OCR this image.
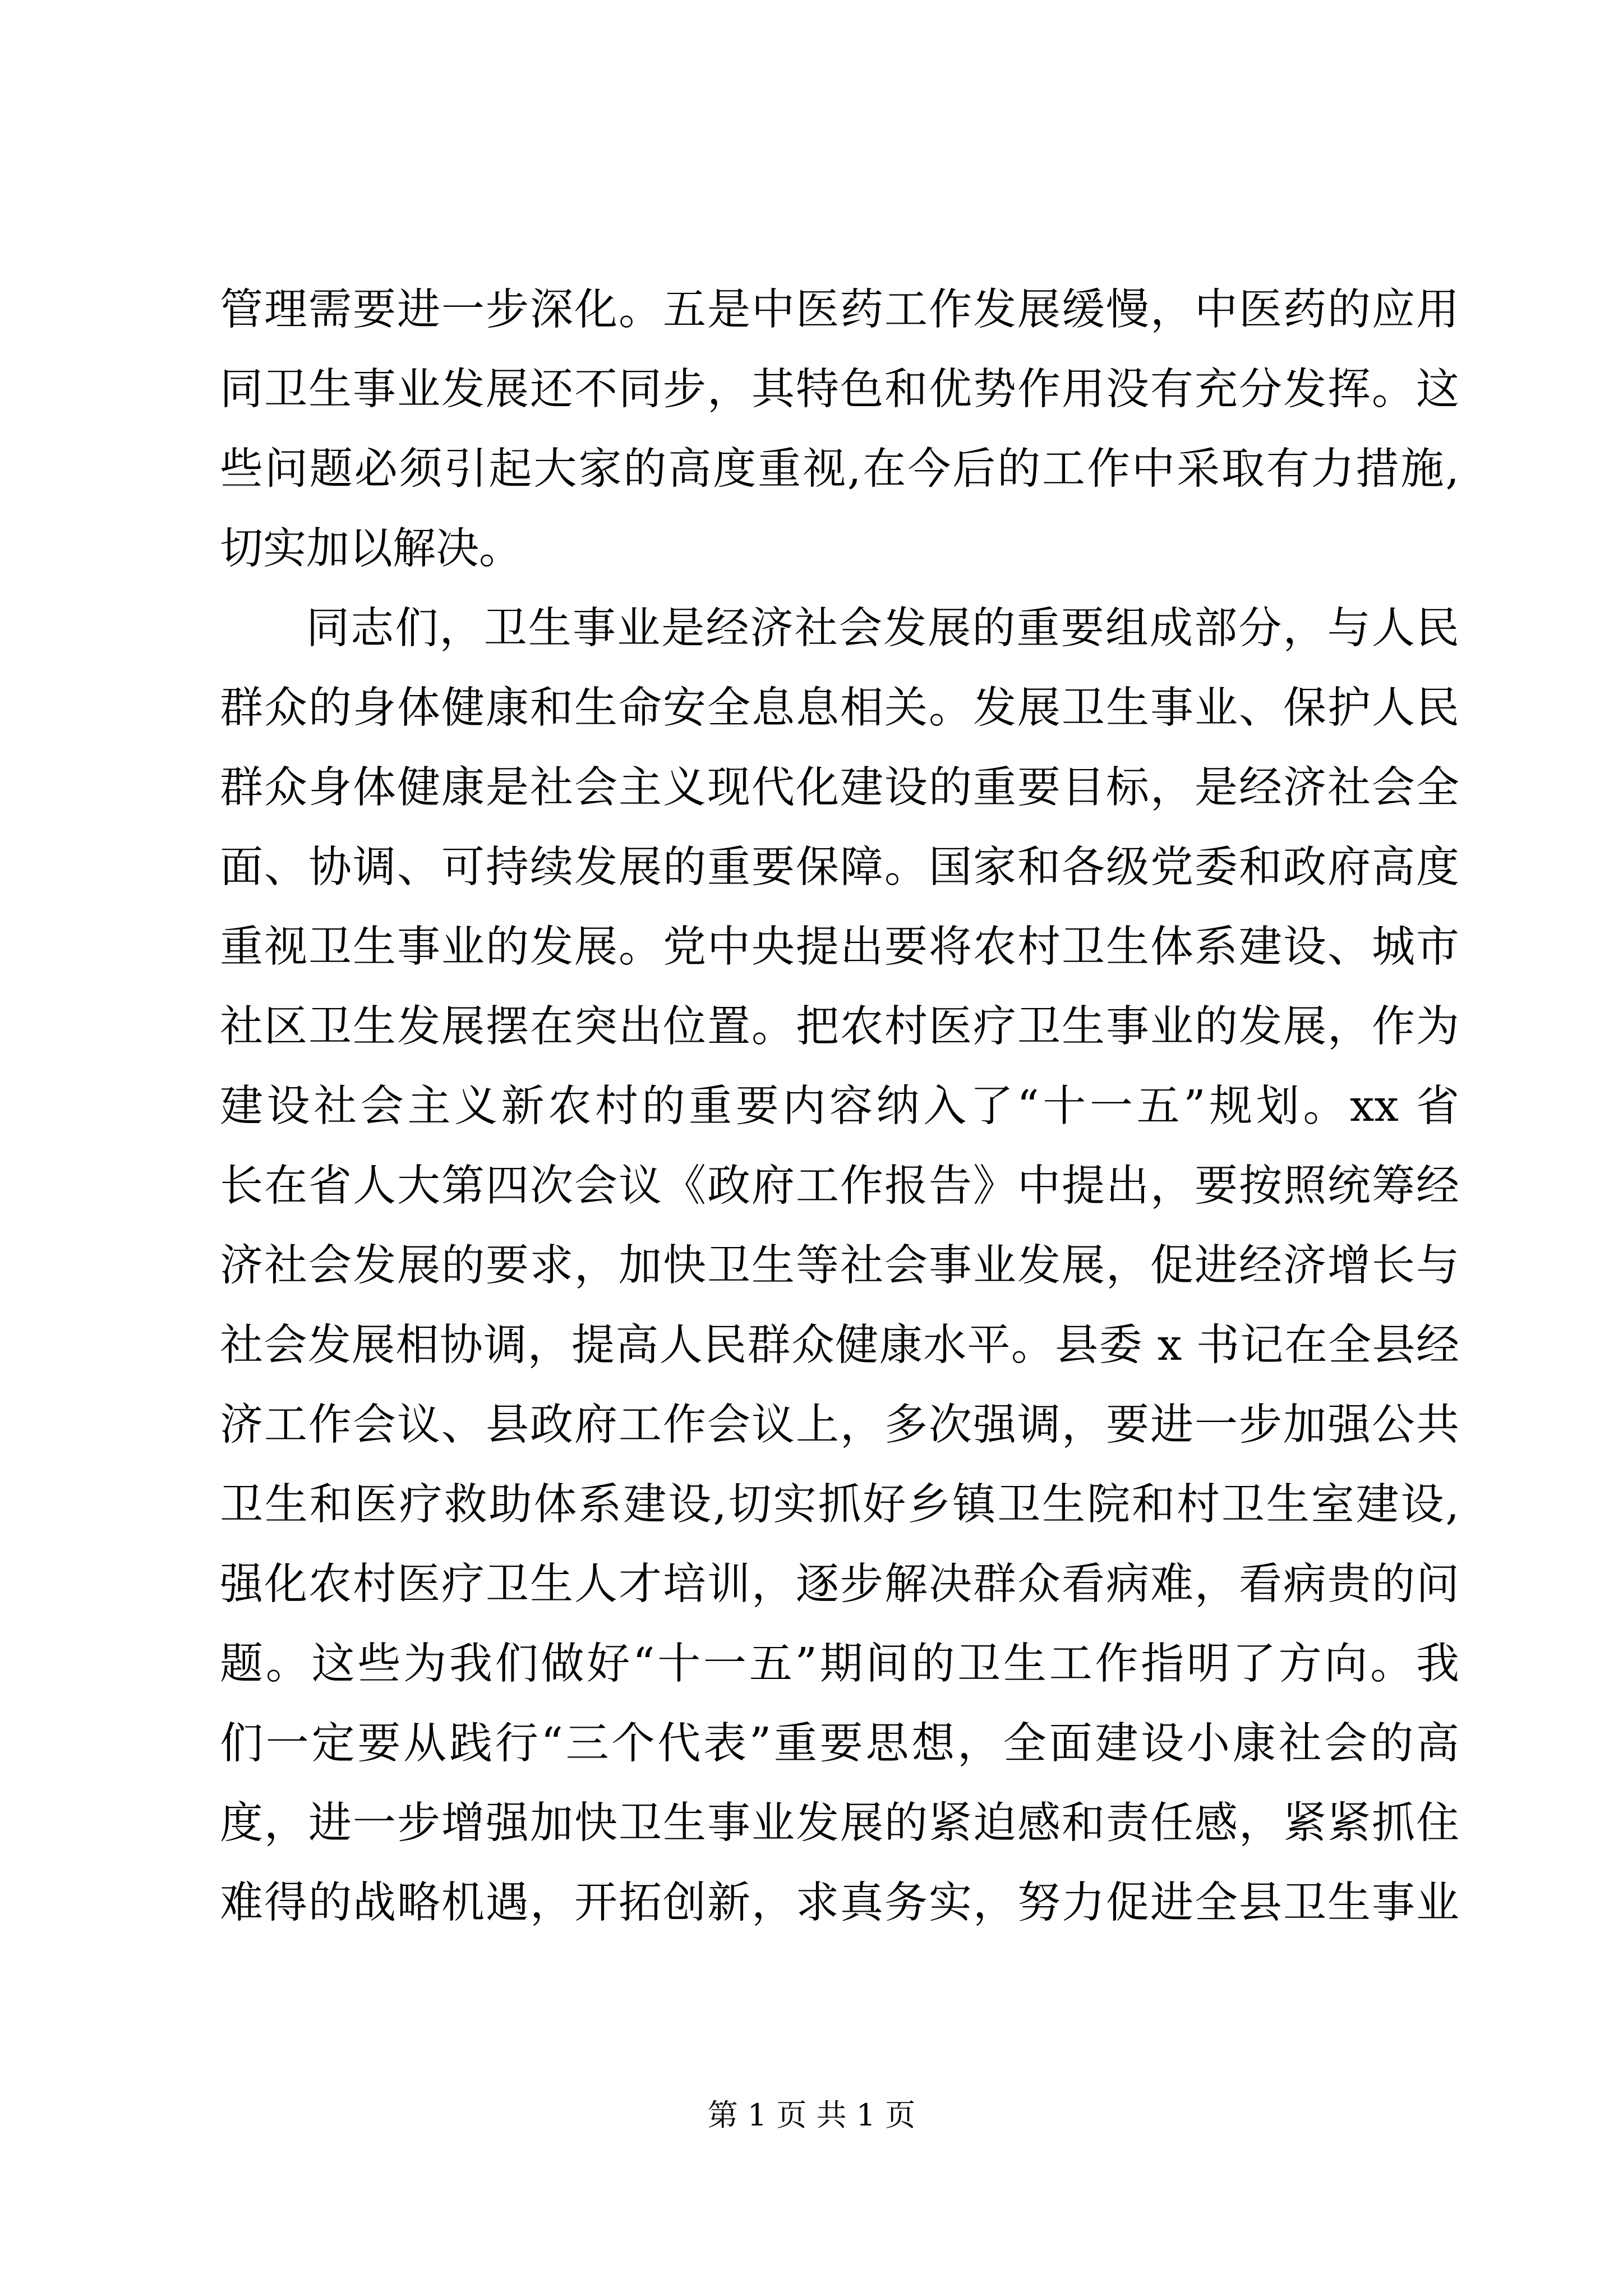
管理需要进一步深化。五是中医药工作发展缓慢，中医药的应用
同卫生事业发展还不同步，其特色和优势作用没有充分发挥。这
些问题必须引起大家的高度重视,在今后的工作中采取有力措施,
切实加以解决。
同志们，卫生事业是经济社会发展的重要组成部分，与人民
群众的身体健康和生命安全息息相关。发展卫生事业、保护人民
群众身体健康是社会主义现代化建设的重要目标，是经济社会全
面、协调、可持续发展的重要保障。国家和各级党委和政府高度
重视卫生事业的发展。党中央提出要将农村卫生体系建设、城市
社区卫生发展摆在突出位置。把农村医疗卫生事业的发展，作为
建设社会主义新农村的重要内容纳入了“十一五”规划。xx 省
长在省人大第四次会议《政府工作报告》中提出，要按照统筹经
济社会发展的要求，加快卫生等社会事业发展，促进经济增长与
社会发展相协调，提高人民群众健康水平。县委 x 书记在全县经
济工作会议、县政府工作会议上，多次强调，要进一步加强公共
卫生和医疗救助体系建设,切实抓好乡镇卫生院和村卫生室建设,
强化农村医疗卫生人才培训，逐步解决群众看病难，看病贵的问
题。这些为我们做好“十一五”期间的卫生工作指明了方向。我
们一定要从践行“三个代表”重要思想，全面建设小康社会的高
度，进一步增强加快卫生事业发展的紧迫感和责任感，紧紧抓住
难得的战略机遇，开拓创新，求真务实，努力促进全县卫生事业
第 1 页 共 1 页
